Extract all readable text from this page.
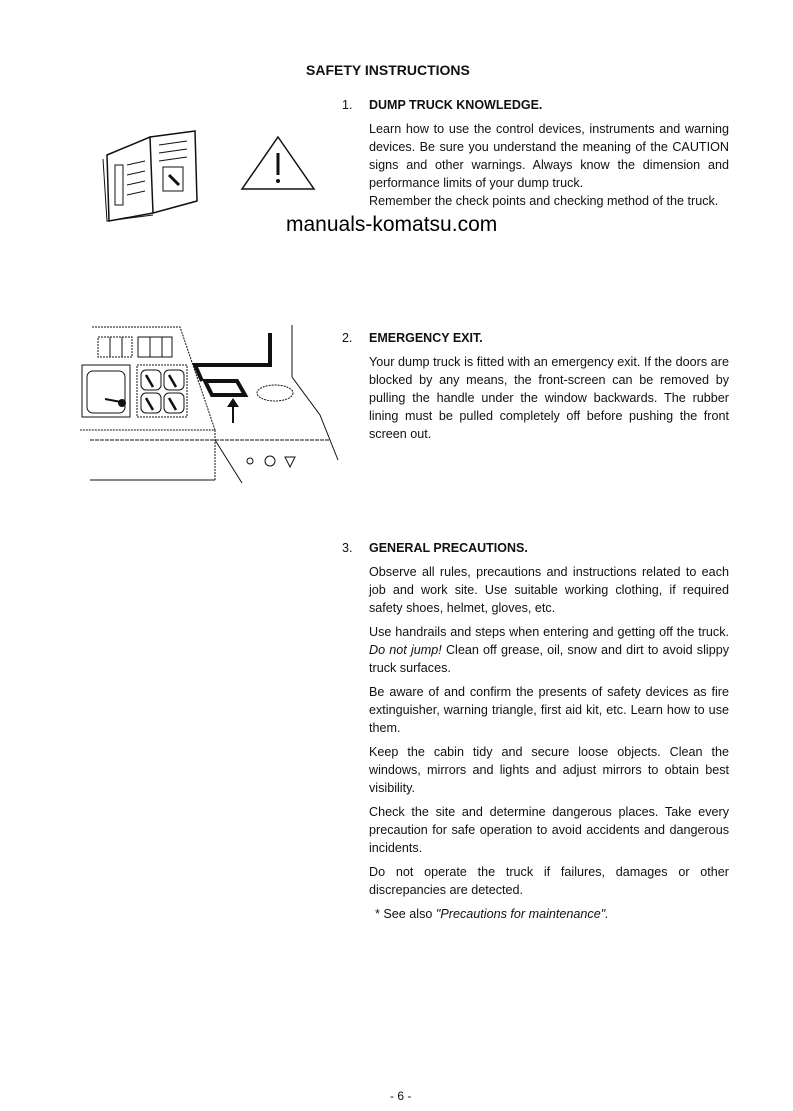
SAFETY INSTRUCTIONS
1. DUMP TRUCK KNOWLEDGE.

Learn how to use the control devices, instruments and warning devices. Be sure you understand the meaning of the CAUTION signs and other warnings. Always know the dimension and performance limits of your dump truck.

Remember the check points and checking method of the truck.

manuals-komatsu.com
2. EMERGENCY EXIT.

Your dump truck is fitted with an emergency exit. If the doors are blocked by any means, the front-screen can be removed by pulling the handle under the window backwards. The rubber lining must be pulled completely off before pushing the front screen out.

3. GENERAL PRECAUTIONS.

Observe all rules, precautions and instructions related to each job and work site. Use suitable working clothing, if required safety shoes, helmet, gloves, etc.

Use handrails and steps when entering and getting off the truck. Do not jump! Clean off grease, oil, snow and dirt to avoid slippy truck surfaces.

Be aware of and confirm the presents of safety devices as fire extinguisher, warning triangle, first aid kit, etc. Learn how to use them.

Keep the cabin tidy and secure loose objects. Clean the windows, mirrors and lights and adjust mirrors to obtain best visibility.

Check the site and determine dangerous places. Take every precaution for safe operation to avoid accidents and dangerous incidents.

Do not operate the truck if failures, damages or other discrepancies are detected.

* See also "Precautions for maintenance".

- 6 -
